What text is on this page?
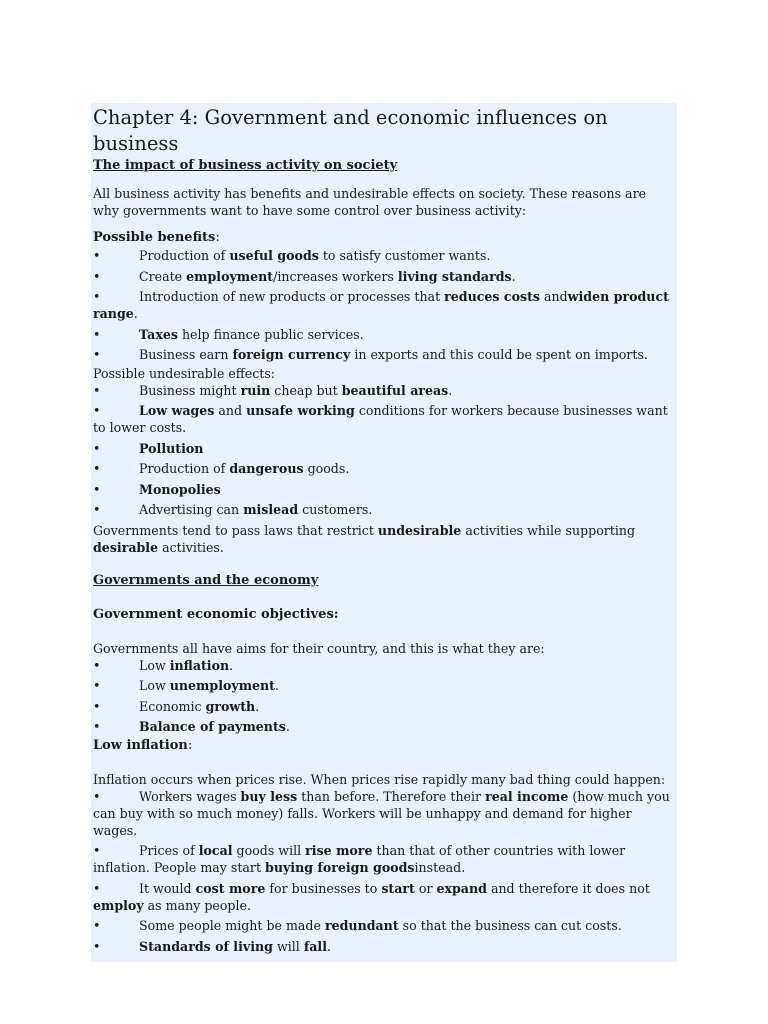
Chapter 4: Government and economic influences on business

The impact of business activity on society

All business activity has benefits and undesirable effects on society. These reasons are why governments want to have some control over business activity:

Possible benefits:

•	Production of useful goods to satisfy customer wants.
•	Create employment/increases workers living standards.
•	Introduction of new products or processes that reduces costs andwiden product range.
•	Taxes help finance public services.
•	Business earn foreign currency in exports and this could be spent on imports.

Possible undesirable effects:

•	Business might ruin cheap but beautiful areas.
•	Low wages and unsafe working conditions for workers because businesses want to lower costs.
•	Pollution
•	Production of dangerous goods.
•	Monopolies
•	Advertising can mislead customers.

Governments tend to pass laws that restrict undesirable activities while supporting desirable activities.

Governments and the economy

Government economic objectives:

Governments all have aims for their country, and this is what they are:

•	Low inflation.
•	Low unemployment.
•	Economic growth.
•	Balance of payments.

Low inflation:

Inflation occurs when prices rise. When prices rise rapidly many bad thing could happen:

•	Workers wages buy less than before. Therefore their real income (how much you can buy with so much money) falls. Workers will be unhappy and demand for higher wages.
•	Prices of local goods will rise more than that of other countries with lower inflation. People may start buying foreign goodsinstead.
•	It would cost more for businesses to start or expand and therefore it does not employ as many people.
•	Some people might be made redundant so that the business can cut costs.
•	Standards of living will fall.
